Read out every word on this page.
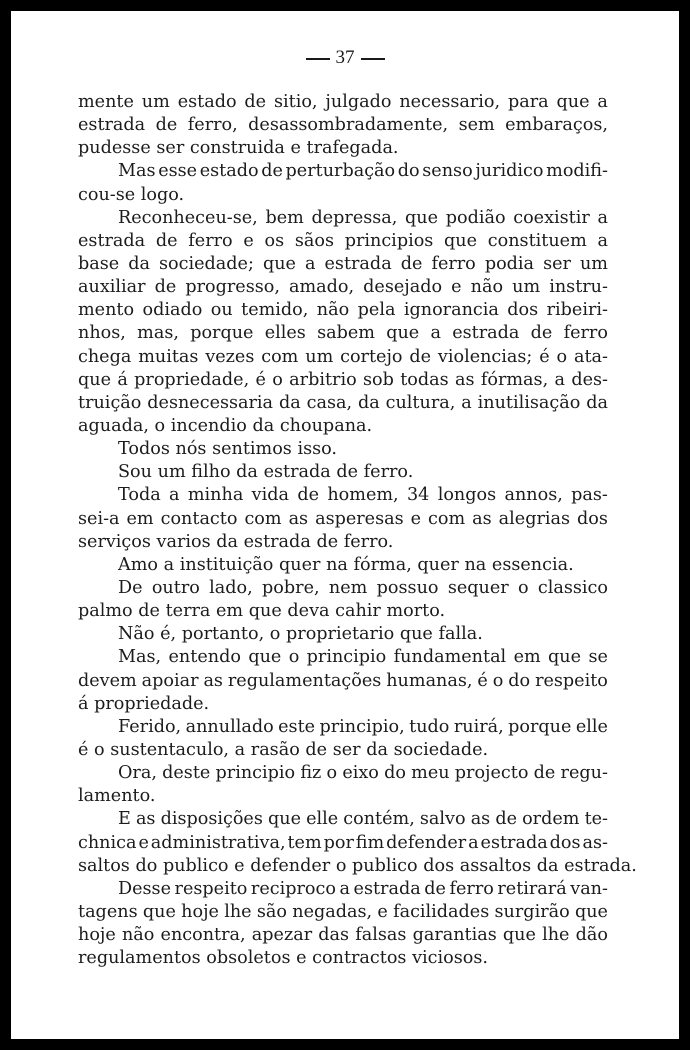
37
mente um estado de sitio, julgado necessario, para que a
estrada de ferro, desassombradamente, sem embaraços,
pudesse ser construida e trafegada.
Mas esse estado de perturbação do senso juridico modifi-
cou-se logo.
Reconheceu-se, bem depressa, que podião coexistir a
estrada de ferro e os sãos principios que constituem a
base da sociedade; que a estrada de ferro podia ser um
auxiliar de progresso, amado, desejado e não um instru-
mento odiado ou temido, não pela ignorancia dos ribeiri-
nhos, mas, porque elles sabem que a estrada de ferro
chega muitas vezes com um cortejo de violencias; é o ata-
que á propriedade, é o arbitrio sob todas as fórmas, a des-
truição desnecessaria da casa, da cultura, a inutilisação da
aguada, o incendio da choupana.
Todos nós sentimos isso.
Sou um filho da estrada de ferro.
Toda a minha vida de homem, 34 longos annos, pas-
sei-a em contacto com as asperesas e com as alegrias dos
serviços varios da estrada de ferro.
Amo a instituição quer na fórma, quer na essencia.
De outro lado, pobre, nem possuo sequer o classico
palmo de terra em que deva cahir morto.
Não é, portanto, o proprietario que falla.
Mas, entendo que o principio fundamental em que se
devem apoiar as regulamentações humanas, é o do respeito
á propriedade.
Ferido, annullado este principio, tudo ruirá, porque elle
é o sustentaculo, a rasão de ser da sociedade.
Ora, deste principio fiz o eixo do meu projecto de regu-
lamento.
E as disposições que elle contém, salvo as de ordem te-
chnica e administrativa, tem por fim defender a estrada dos as-
saltos do publico e defender o publico dos assaltos da estrada.
Desse respeito reciproco a estrada de ferro retirará van-
tagens que hoje lhe são negadas, e facilidades surgirão que
hoje não encontra, apezar das falsas garantias que lhe dão
regulamentos obsoletos e contractos viciosos.
